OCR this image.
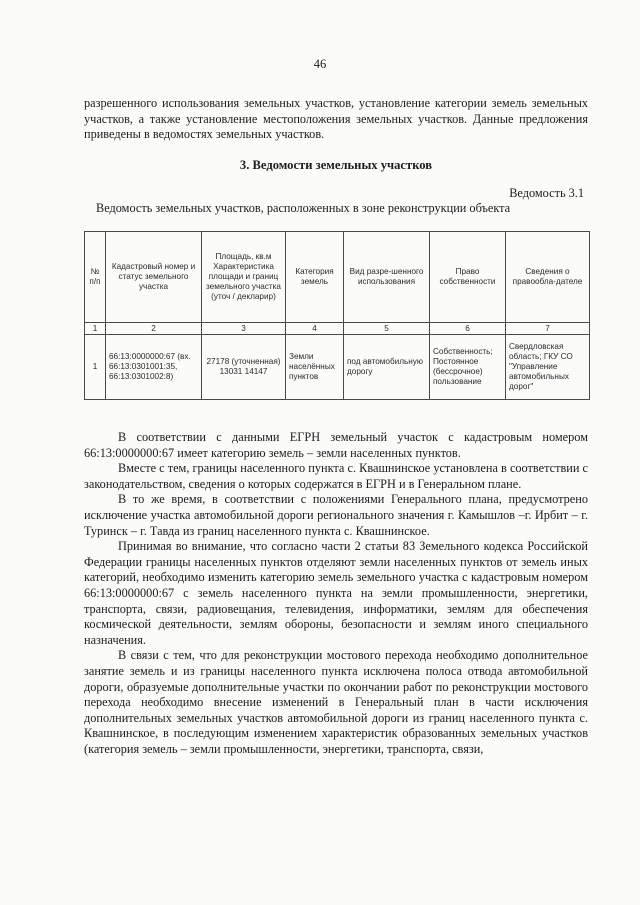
46

разрешенного использования земельных участков, установление категории земель земельных участков, а также установление местоположения земельных участков. Данные предложения приведены в ведомостях земельных участков.

3. Ведомости земельных участков
Ведомость 3.1
Ведомость земельных участков, расположенных в зоне реконструкции объекта
№ п/п	Кадастровый номер и статус земельного участка	Площадь, кв.м Характеристика площади и границ земельного участка (уточ / декларир)	Категория земель	Вид разре-шенного использования	Право собственности	Сведения о правообла-дателе
1	2	3	4	5	6	7
1	66:13:0000000:67 (вх. 66:13:0301001:35, 66:13:0301002:8)	27178 (уточненная) 13031 14147	Земли населённых пунктов	под автомобильную дорогу	Собственность; Постоянное (бессрочное) пользование	Свердловская область; ГКУ СО "Управление автомобильных дорог"

В соответствии с данными ЕГРН земельный участок с кадастровым номером 66:13:0000000:67 имеет категорию земель – земли населенных пунктов.

Вместе с тем, границы населенного пункта с. Квашнинское установлена в соответствии с законодательством, сведения о которых содержатся в ЕГРН и в Генеральном плане.

В то же время, в соответствии с положениями Генерального плана, предусмотрено исключение участка автомобильной дороги регионального значения г. Камышлов –г. Ирбит – г. Туринск – г. Тавда из границ населенного пункта с. Квашнинское.

Принимая во внимание, что согласно части 2 статьи 83 Земельного кодекса Российской Федерации границы населенных пунктов отделяют земли населенных пунктов от земель иных категорий, необходимо изменить категорию земель земельного участка с кадастровым номером 66:13:0000000:67 с земель населенного пункта на земли промышленности, энергетики, транспорта, связи, радиовещания, телевидения, информатики, землям для обеспечения космической деятельности, землям обороны, безопасности и землям иного специального назначения.

В связи с тем, что для реконструкции мостового перехода необходимо дополнительное занятие земель и из границы населенного пункта исключена полоса отвода автомобильной дороги, образуемые дополнительные участки по окончании работ по реконструкции мостового перехода необходимо внесение изменений в Генеральный план в части исключения дополнительных земельных участков автомобильной дороги из границ населенного пункта с. Квашнинское, в последующим изменением характеристик образованных земельных участков (категория земель – земли промышленности, энергетики, транспорта, связи,
